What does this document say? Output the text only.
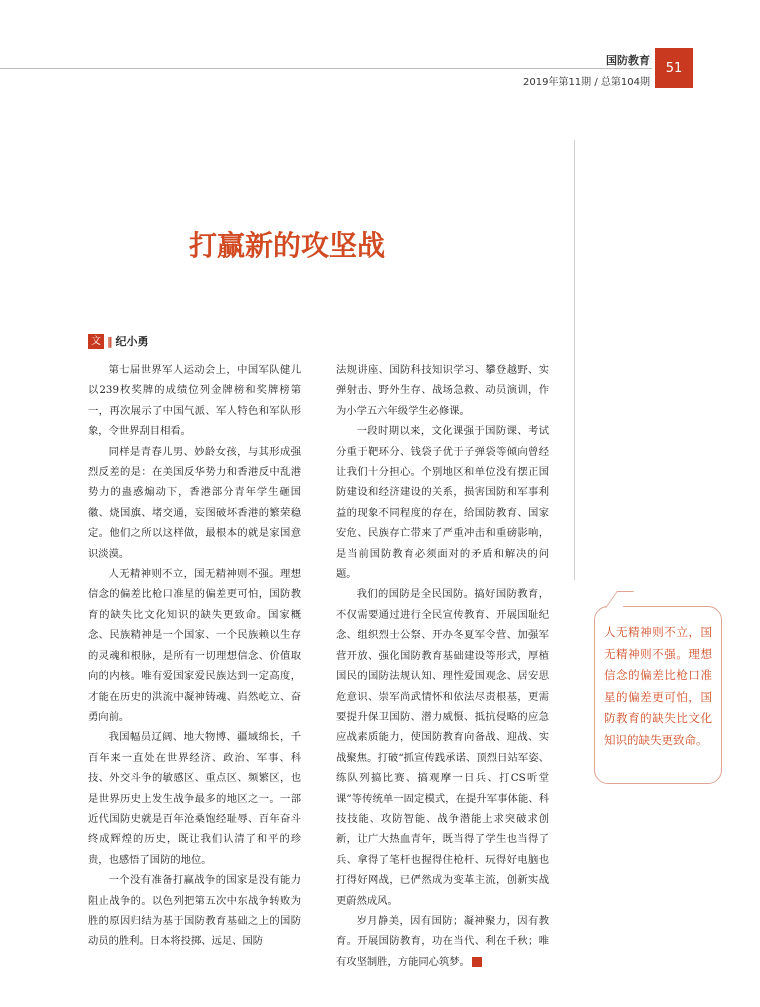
国防教育
2019年第11期 / 总第104期
51
打赢新的攻坚战
文 ‖ 纪小勇

第七届世界军人运动会上，中国军队健儿以239枚奖牌的成绩位列金牌榜和奖牌榜第一，再次展示了中国气派、军人特色和军队形象，令世界刮目相看。

同样是青春儿男、妙龄女孩，与其形成强烈反差的是：在美国反华势力和香港反中乱港势力的蛊惑煽动下，香港部分青年学生砸国徽、烧国旗、堵交通，妄图破坏香港的繁荣稳定。他们之所以这样做，最根本的就是家国意识淡漠。

人无精神则不立，国无精神则不强。理想信念的偏差比枪口准星的偏差更可怕，国防教育的缺失比文化知识的缺失更致命。国家概念、民族精神是一个国家、一个民族赖以生存的灵魂和根脉，是所有一切理想信念、价值取向的内核。唯有爱国家爱民族达到一定高度，才能在历史的洪流中凝神铸魂、岿然屹立、奋勇向前。

我国幅员辽阔、地大物博、疆域绵长，千百年来一直处在世界经济、政治、军事、科技、外交斗争的敏感区、重点区、频繁区，也是世界历史上发生战争最多的地区之一。一部近代国防史就是百年沧桑饱经耻辱、百年奋斗终成辉煌的历史，既让我们认清了和平的珍贵，也感悟了国防的地位。

一个没有准备打赢战争的国家是没有能力阻止战争的。以色列把第五次中东战争转败为胜的原因归结为基于国防教育基础之上的国防动员的胜利。日本将投掷、远足、国防

法规讲座、国防科技知识学习、攀登越野、实弹射击、野外生存、战场急救、动员演训，作为小学五六年级学生必修课。

一段时期以来，文化课强于国防课、考试分重于靶环分、钱袋子优于子弹袋等倾向曾经让我们十分担心。个别地区和单位没有摆正国防建设和经济建设的关系，损害国防和军事利益的现象不同程度的存在，给国防教育、国家安危、民族存亡带来了严重冲击和重磅影响，是当前国防教育必须面对的矛盾和解决的问题。

我们的国防是全民国防。搞好国防教育，不仅需要通过进行全民宣传教育、开展国耻纪念、组织烈士公祭、开办冬夏军令营、加强军营开放、强化国防教育基础建设等形式，厚植国民的国防法规认知、理性爱国观念、居安思危意识、崇军尚武情怀和依法尽责根基，更需要提升保卫国防、潜力威慑、抵抗侵略的应急应战素质能力，使国防教育向备战、迎战、实战聚焦。打破“抓宣传践承诺、顶烈日站军姿、练队列搞比赛、搞观摩一日兵、打CS听堂课”等传统单一固定模式，在提升军事体能、科技技能、攻防智能、战争潜能上求突破求创新，让广大热血青年，既当得了学生也当得了兵、拿得了笔杆也握得住枪杆、玩得好电脑也打得好网战，已俨然成为变革主流，创新实战更蔚然成风。

岁月静美，因有国防；凝神聚力，因有教育。开展国防教育，功在当代、利在千秋；唯有攻坚制胜，方能同心筑梦。	G

人无精神则不立，国无精神则不强。理想信念的偏差比枪口准星的偏差更可怕，国防教育的缺失比文化知识的缺失更致命。
